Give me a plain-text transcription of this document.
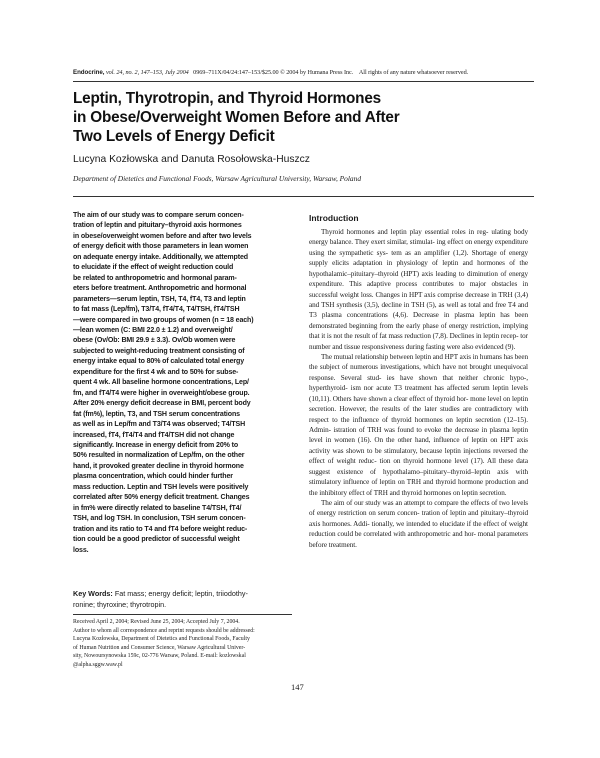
Endocrine, vol. 24, no. 2, 147–153, July 2004 0969–711X/04/24:147–153/$25.00 © 2004 by Humana Press Inc. All rights of any nature whatsoever reserved.
Leptin, Thyrotropin, and Thyroid Hormones
in Obese/Overweight Women Before and After
Two Levels of Energy Deficit
Lucyna Kozłowska and Danuta Rosołowska-Huszcz
Department of Dietetics and Functional Foods, Warsaw Agricultural University, Warsaw, Poland
The aim of our study was to compare serum concen-
tration of leptin and pituitary–thyroid axis hormones
in obese/overweight women before and after two levels
of energy deficit with those parameters in lean women
on adequate energy intake. Additionally, we attempted
to elucidate if the effect of weight reduction could
be related to anthropometric and hormonal param-
eters before treatment. Anthropometric and hormonal
parameters—serum leptin, TSH, T4, fT4, T3 and leptin
to fat mass (Lep/fm), T3/T4, fT4/T4, T4/TSH, fT4/TSH
—were compared in two groups of women (n = 18 each)
—lean women (C: BMI 22.0 ± 1.2) and overweight/
obese (Ov/Ob: BMI 29.9 ± 3.3). Ov/Ob women were
subjected to weight-reducing treatment consisting of
energy intake equal to 80% of calculated total energy
expenditure for the first 4 wk and to 50% for subse-
quent 4 wk. All baseline hormone concentrations, Lep/
fm, and fT4/T4 were higher in overweight/obese group.
After 20% energy deficit decrease in BMI, percent body
fat (fm%), leptin, T3, and TSH serum concentrations
as well as in Lep/fm and T3/T4 was observed; T4/TSH
increased, fT4, fT4/T4 and fT4/TSH did not change
significantly. Increase in energy deficit from 20% to
50% resulted in normalization of Lep/fm, on the other
hand, it provoked greater decline in thyroid hormone
plasma concentration, which could hinder further
mass reduction. Leptin and TSH levels were positively
correlated after 50% energy deficit treatment. Changes
in fm% were directly related to baseline T4/TSH, fT4/
TSH, and log TSH. In conclusion, TSH serum concen-
tration and its ratio to T4 and fT4 before weight reduc-
tion could be a good predictor of successful weight
loss.
Key Words: Fat mass; energy deficit; leptin, triiodothy-
ronine; thyroxine; thyrotropin.
Received April 2, 2004; Revised June 25, 2004; Accepted July 7, 2004.
Author to whom all correspondence and reprint requests should be addressed:
Lucyna Kozłowska, Department of Dietetics and Functional Foods, Faculty
of Human Nutrition and Consumer Science, Warsaw Agricultural Univer-
sity, Nowoursynowska 159c, 02-776 Warsaw, Poland. E-mail: kozlowskal
@alpha.sggw.waw.pl
Introduction

Thyroid hormones and leptin play essential roles in reg- ulating body energy balance. They exert similar, stimulat- ing effect on energy expenditure using the sympathetic sys- tem as an amplifier (1,2). Shortage of energy supply elicits adaptation in physiology of leptin and hormones of the hypothalamic–pituitary–thyroid (HPT) axis leading to diminution of energy expenditure. This adaptive process contributes to major obstacles in successful weight loss. Changes in HPT axis comprise decrease in TRH (3,4) and TSH synthesis (3,5), decline in TSH (5), as well as total and free T4 and T3 plasma concentrations (4,6). Decrease in plasma leptin has been demonstrated beginning from the early phase of energy restriction, implying that it is not the result of fat mass reduction (7,8). Declines in leptin recep- tor number and tissue responsiveness during fasting were also evidenced (9).

The mutual relationship between leptin and HPT axis in humans has been the subject of numerous investigations, which have not brought unequivocal response. Several stud- ies have shown that neither chronic hypo-, hyperthyroid- ism nor acute T3 treatment has affected serum leptin levels (10,11). Others have shown a clear effect of thyroid hor- mone level on leptin secretion. However, the results of the later studies are contradictory with respect to the influence of thyroid hormones on leptin secretion (12–15). Admin- istration of TRH was found to evoke the decrease in plasma leptin level in women (16). On the other hand, influence of leptin on HPT axis activity was shown to be stimulatory, because leptin injections reversed the effect of weight reduc- tion on thyroid hormone level (17). All these data suggest existence of hypothalamo–pituitary–thyroid–leptin axis with stimulatory influence of leptin on TRH and thyroid hormone production and the inhibitory effect of TRH and thyroid hormones on leptin secretion.

The aim of our study was an attempt to compare the effects of two levels of energy restriction on serum concen- tration of leptin and pituitary–thyroid axis hormones. Addi- tionally, we intended to elucidate if the effect of weight reduction could be correlated with anthropometric and hor- monal parameters before treatment.

147
